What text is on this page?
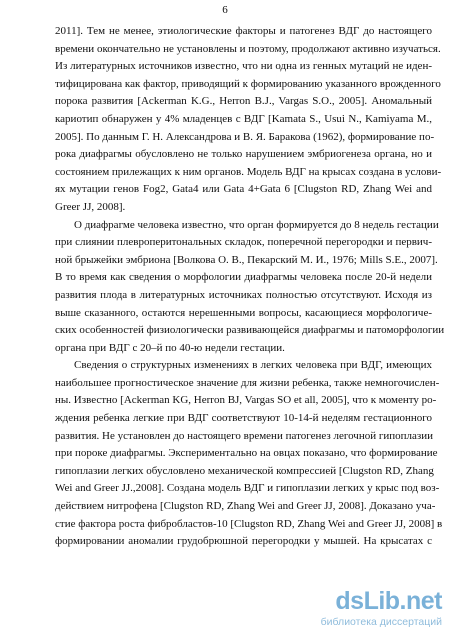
6
2011]. Тем не менее, этиологические факторы и патогенез ВДГ до настоящего
времени окончательно не установлены и поэтому, продолжают активно изучаться.
Из литературных источников известно, что ни одна из генных мутаций не иден-
тифицирована как фактор, приводящий к формированию указанного врожденного
порока развития [Ackerman K.G., Herron B.J., Vargas S.O., 2005]. Аномальный
кариотип обнаружен у 4% младенцев с ВДГ [Kamata S., Usui N., Kamiyama M.,
2005]. По данным Г. Н. Александрова и В. Я. Баракова (1962), формирование по-
рока диафрагмы обусловлено не только нарушением эмбриогенеза органа, но и
состоянием прилежащих к ним органов. Модель ВДГ на крысах создана в услови-
ях мутации генов Fog2, Gata4 или Gata 4+Gata 6 [Clugston RD, Zhang Wei and
Greer JJ, 2008].
О диафрагме человека известно, что орган формируется до 8 недель гестации
при слиянии плевроперитональных складок, поперечной перегородки и первич-
ной брыжейки эмбриона [Волкова О. В., Пекарский М. И., 1976; Mills S.E., 2007].
В то время как сведения о морфологии диафрагмы человека после 20-й недели
развития плода в литературных источниках полностью отсутствуют. Исходя из
выше сказанного, остаются нерешенными вопросы, касающиеся морфологиче-
ских особенностей физиологически развивающейся диафрагмы и патоморфологии
органа при ВДГ с 20–й по 40-ю недели гестации.
Сведения о структурных изменениях в легких человека при ВДГ, имеющих
наибольшее прогностическое значение для жизни ребенка, также немногочислен-
ны. Известно [Ackerman KG, Herron BJ, Vargas SO et all, 2005], что к моменту ро-
ждения ребенка легкие при ВДГ соответствуют 10-14-й неделям гестационного
развития. Не установлен до настоящего времени патогенез легочной гипоплазии
при пороке диафрагмы. Экспериментально на овцах показано, что формирование
гипоплазии легких обусловлено механической компрессией [Clugston RD, Zhang
Wei and Greer JJ.,2008]. Создана модель ВДГ и гипоплазии легких у крыс под воз-
действием нитрофена [Clugston RD, Zhang Wei and Greer JJ, 2008]. Доказано уча-
стие фактора роста фибробластов-10 [Clugston RD, Zhang Wei and Greer JJ, 2008] в
формировании аномалии грудобрюшной перегородки у мышей. На крысатах с
dsLib.net
библиотека диссертаций
